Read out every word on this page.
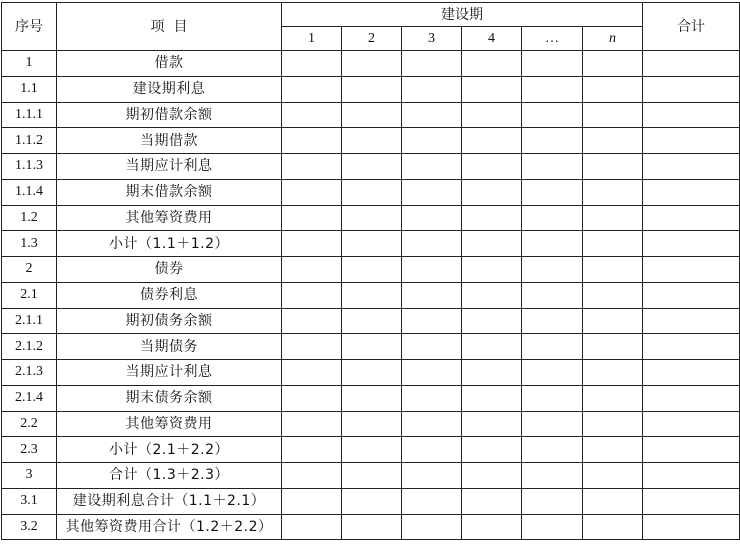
序号	项  目	建设期						合计
		1	2	3	4	…	n	
1	借款							
1.1	建设期利息							
1.1.1	期初借款余额							
1.1.2	当期借款							
1.1.3	当期应计利息							
1.1.4	期末借款余额							
1.2	其他筹资费用							
1.3	小计（1.1＋1.2）							
2	债券							
2.1	债券利息							
2.1.1	期初债务余额							
2.1.2	当期债务							
2.1.3	当期应计利息							
2.1.4	期末债务余额							
2.2	其他筹资费用							
2.3	小计（2.1＋2.2）							
3	合计（1.3＋2.3）							
3.1	建设期利息合计（1.1＋2.1）							
3.2	其他筹资费用合计（1.2＋2.2）							
